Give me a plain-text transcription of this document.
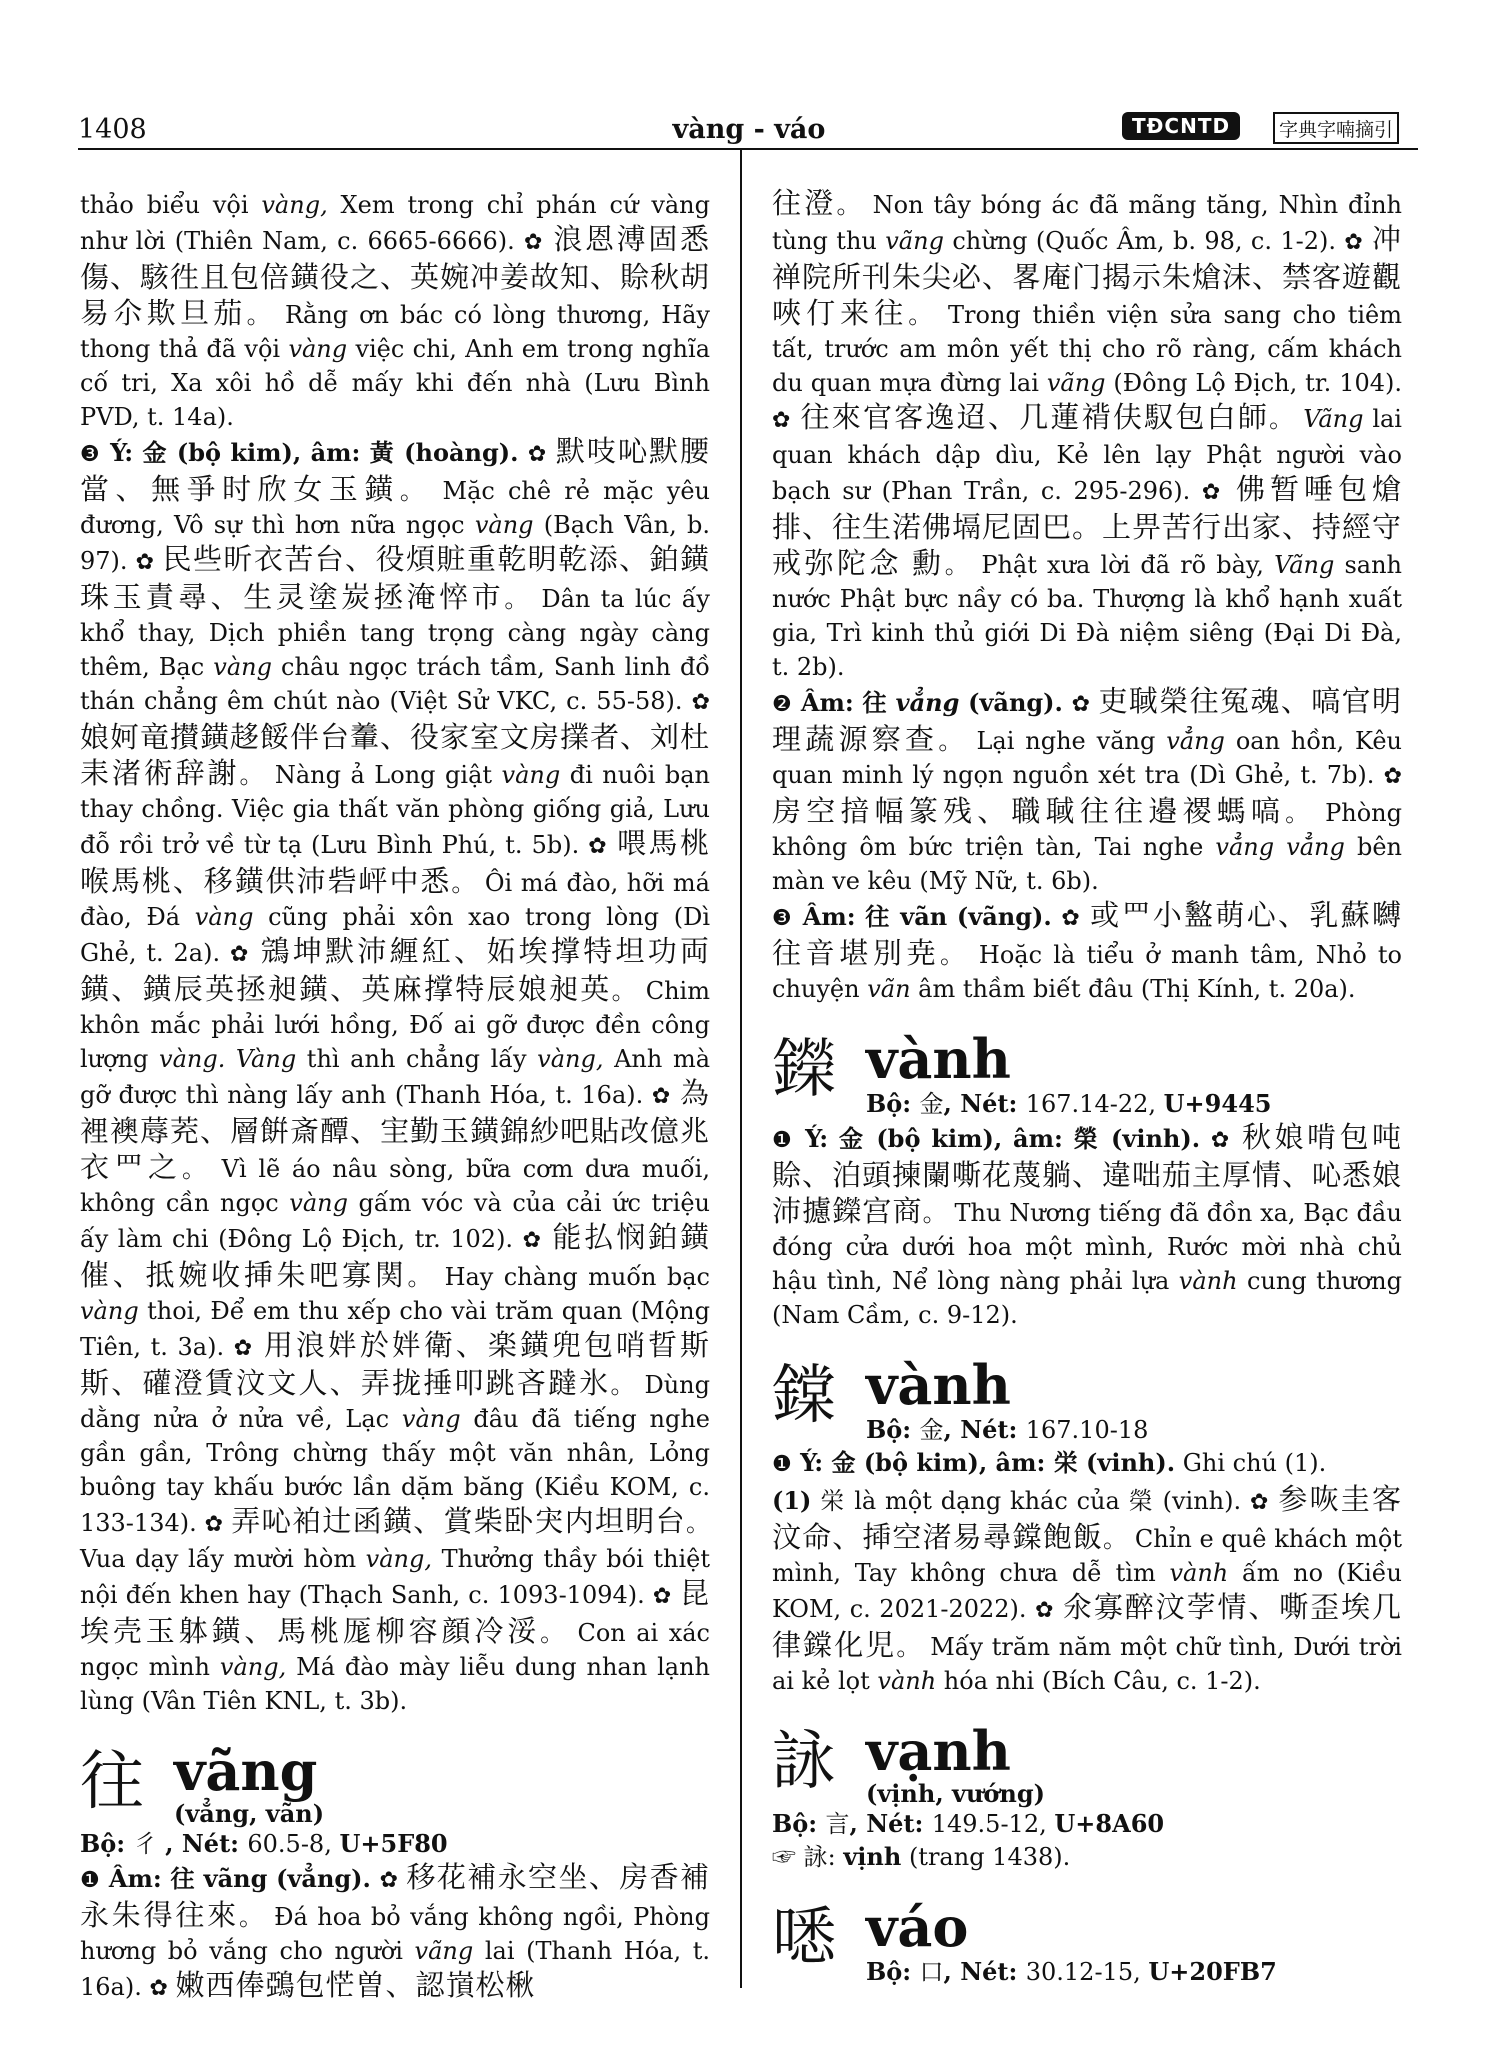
1408	vàng - váo	TĐCNTD	字典字喃摘引

thảo biểu vội vàng, Xem trong chỉ phán cứ vàng như lời (Thiên Nam, c. 6665-6666). ✿ 浪恩溥固悉傷、駭徃且包倍鐄役之、英婉冲姜故知、賒秋胡易尒欺旦茄。 Rằng ơn bác có lòng thương, Hãy thong thả đã vội vàng việc chi, Anh em trong nghĩa cố tri, Xa xôi hồ dễ mấy khi đến nhà (Lưu Bình PVD, t. 14a).

❸ Ý: 金 (bộ kim), âm: 黃 (hoàng). ✿ 默吱吣默腰當、無爭时欣女玉鐄。 Mặc chê rẻ mặc yêu đương, Vô sự thì hơn nữa ngọc vàng (Bạch Vân, b. 97). ✿ 民些昕衣苦台、役煩賍重乾眀乾添、鉑鐄珠玉責尋、生灵塗炭拯淹悴市。 Dân ta lúc ấy khổ thay, Dịch phiền tang trọng càng ngày càng thêm, Bạc vàng châu ngọc trách tầm, Sanh linh đồ thán chẳng êm chút nào (Việt Sử VKC, c. 55-58). ✿ 娘妸竜攅鐄趍餒伴台䡨、役家室文房擈者、刘杜耒渚術辞謝。 Nàng ả Long giật vàng đi nuôi bạn thay chồng. Việc gia thất văn phòng giống giả, Lưu đỗ rồi trở về từ tạ (Lưu Bình Phú, t. 5b). ✿ 喂馬桃喉馬桃、移鐄供沛砦岼中悉。 Ôi má đào, hỡi má đào, Đá vàng cũng phải xôn xao trong lòng (Dì Ghẻ, t. 2a). ✿ 鵍坤默沛緾紅、妬埃撑特坦功両鐄、鐄辰英拯昶鐄、英麻撑特辰娘昶英。 Chim khôn mắc phải lưới hồng, Đố ai gỡ được đền công lượng vàng. Vàng thì anh chẳng lấy vàng, Anh mà gỡ được thì nàng lấy anh (Thanh Hóa, t. 16a). ✿ 為裡襖蓐茺、層餠斎醰、宔勤玉鐄錦紗吧貼改億兆衣罒之。 Vì lẽ áo nâu sòng, bữa cơm dưa muối, không cần ngọc vàng gấm vóc và của cải ức triệu ấy làm chi (Đông Lộ Địch, tr. 102). ✿ 能払悯鉑鐄催、抵婉收挿朱吧寡関。 Hay chàng muốn bạc vàng thoi, Để em thu xếp cho vài trăm quan (Mộng Tiên, t. 3a). ✿ 用浪姅於姅衛、楽鐄兜包哨晢斯斯、礶澄賃汶文人、弄拢捶叩跳吝躂氷。 Dùng dằng nửa ở nửa về, Lạc vàng đâu đã tiếng nghe gần gần, Trông chừng thấy một văn nhân, Lỏng buông tay khấu bước lần dặm băng (Kiều KOM, c. 133-134). ✿ 弄吣袙辻函鐄、賞柴卧宊内坦眀台。 Vua dạy lấy mười hòm vàng, Thưởng thầy bói thiệt nội đến khen hay (Thạch Sanh, c. 1093-1094). ✿ 昆埃壳玉躰鐄、馬桃厖柳容顔冷浽。 Con ai xác ngọc mình vàng, Má đào mày liễu dung nhan lạnh lùng (Vân Tiên KNL, t. 3b).

往 vãng
(vẳng, vãn)
Bộ: 彳 , Nét: 60.5-8, U+5F80

❶ Âm: 往 vãng (vẳng). ✿ 移花補永空坐、房香補永朱得往來。 Đá hoa bỏ vắng không ngồi, Phòng hương bỏ vắng cho người vãng lai (Thanh Hóa, t. 16a). ✿ 嫩西俸鵶包恾曽、認嵿松楸

往澄。 Non tây bóng ác đã mãng tăng, Nhìn đỉnh tùng thu vãng chừng (Quốc Âm, b. 98, c. 1-2). ✿ 冲禅院所刊朱尖必、畧庵门揭示朱熗沫、禁客遊觀唊仃来往。 Trong thiền viện sửa sang cho tiêm tất, trước am môn yết thị cho rõ ràng, cấm khách du quan mựa đừng lai vãng (Đông Lộ Địch, tr. 104). ✿ 往來官客逸迢、几蓮禙伕馭包白師。 Vãng lai quan khách dập dìu, Kẻ lên lạy Phật người vào bạch sư (Phan Trần, c. 295-296). ✿ 佛暂唾包熗排、往生渃佛塥尼固巴。上畀苦行出家、持經守戒弥陀念 勳。 Phật xưa lời đã rõ bày, Vãng sanh nước Phật bực nầy có ba. Thượng là khổ hạnh xuất gia, Trì kinh thủ giới Di Đà niệm siêng (Đại Di Đà, t. 2b).

❷ Âm: 往 vẳng (vãng). ✿ 吏聝榮往冤魂、嗃官明理蔬源察查。 Lại nghe văng vẳng oan hồn, Kêu quan minh lý ngọn nguồn xét tra (Dì Ghẻ, t. 7b). ✿ 房空揞幅篆残、職聝往往邉禝螞嗃。 Phòng không ôm bức triện tàn, Tai nghe vẳng vẳng bên màn ve kêu (Mỹ Nữ, t. 6b).

❸ Âm: 往 vãn (vãng). ✿ 或罒小盭萌心、乳蘇嚩往音堪別尭。 Hoặc là tiểu ở manh tâm, Nhỏ to chuyện vãn âm thầm biết đâu (Thị Kính, t. 20a).

鑅 vành
Bộ: 金, Nét: 167.14-22, U+9445

❶ Ý: 金 (bộ kim), âm: 榮 (vinh). ✿ 秋娘啃包吨賒、泊頭揀闌嘶花蔑躺、違咄茄主厚情、吣悉娘沛攄鑅宫商。 Thu Nương tiếng đã đồn xa, Bạc đầu đóng cửa dưới hoa một mình, Rước mời nhà chủ hậu tình, Nể lòng nàng phải lựa vành cung thương (Nam Cầm, c. 9-12).

鏿 vành
Bộ: 金, Nét: 167.10-18

❶ Ý: 金 (bộ kim), âm: 栄 (vinh). Ghi chú (1).

(1) 栄 là một dạng khác của 榮 (vinh). ✿ 参咴圭客汶命、揷空渚易尋鏿飽飯。 Chỉn e quê khách một mình, Tay không chưa dễ tìm vành ấm no (Kiều KOM, c. 2021-2022). ✿ 氽寡醉汶茡情、嘶歪埃几律鏿化児。 Mấy trăm năm một chữ tình, Dưới trời ai kẻ lọt vành hóa nhi (Bích Câu, c. 1-2).

詠 vạnh
(vịnh, vướng)
Bộ: 言, Nét: 149.5-12, U+8A60

☞ 詠: vịnh (trang 1438).

㗭 váo
Bộ: 口, Nét: 30.12-15, U+20FB7
